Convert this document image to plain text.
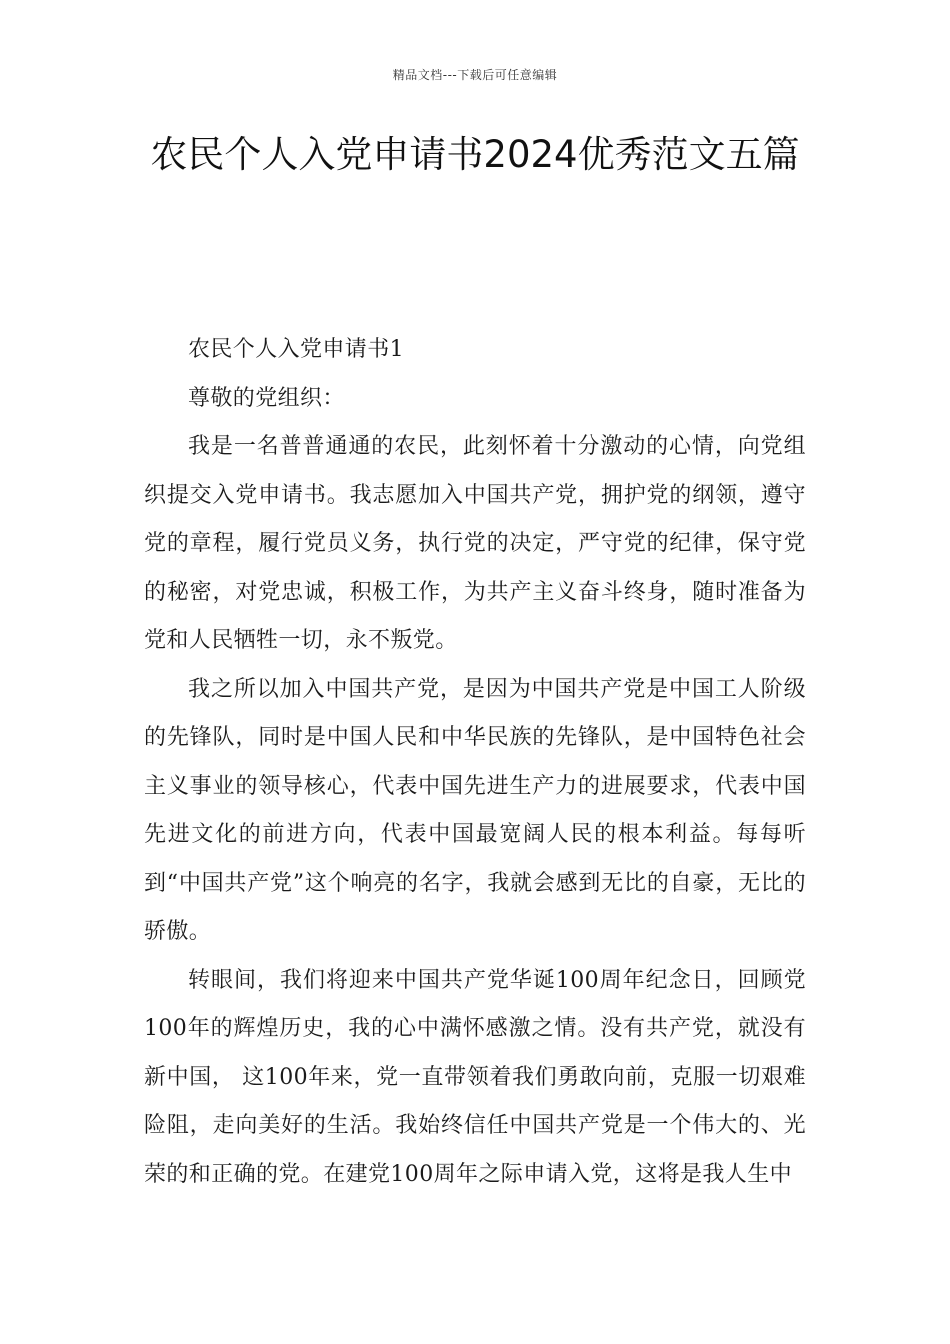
精品文档---下载后可任意编辑
农民个人入党申请书2024优秀范文五篇

农民个人入党申请书1

尊敬的党组织：

我是一名普普通通的农民，此刻怀着十分激动的心情，向党组织提交入党申请书。我志愿加入中国共产党，拥护党的纲领，遵守党的章程，履行党员义务，执行党的决定，严守党的纪律，保守党的秘密，对党忠诚，积极工作，为共产主义奋斗终身，随时准备为党和人民牺牲一切，永不叛党。

我之所以加入中国共产党，是因为中国共产党是中国工人阶级的先锋队，同时是中国人民和中华民族的先锋队，是中国特色社会主义事业的领导核心，代表中国先进生产力的进展要求，代表中国先进文化的前进方向，代表中国最宽阔人民的根本利益。每每听到“中国共产党”这个响亮的名字，我就会感到无比的自豪，无比的骄傲。

转眼间，我们将迎来中国共产党华诞100周年纪念日，回顾党100年的辉煌历史，我的心中满怀感激之情。没有共产党，就没有新中国， 这100年来，党一直带领着我们勇敢向前，克服一切艰难险阻，走向美好的生活。我始终信任中国共产党是一个伟大的、光荣的和正确的党。在建党100周年之际申请入党，这将是我人生中
